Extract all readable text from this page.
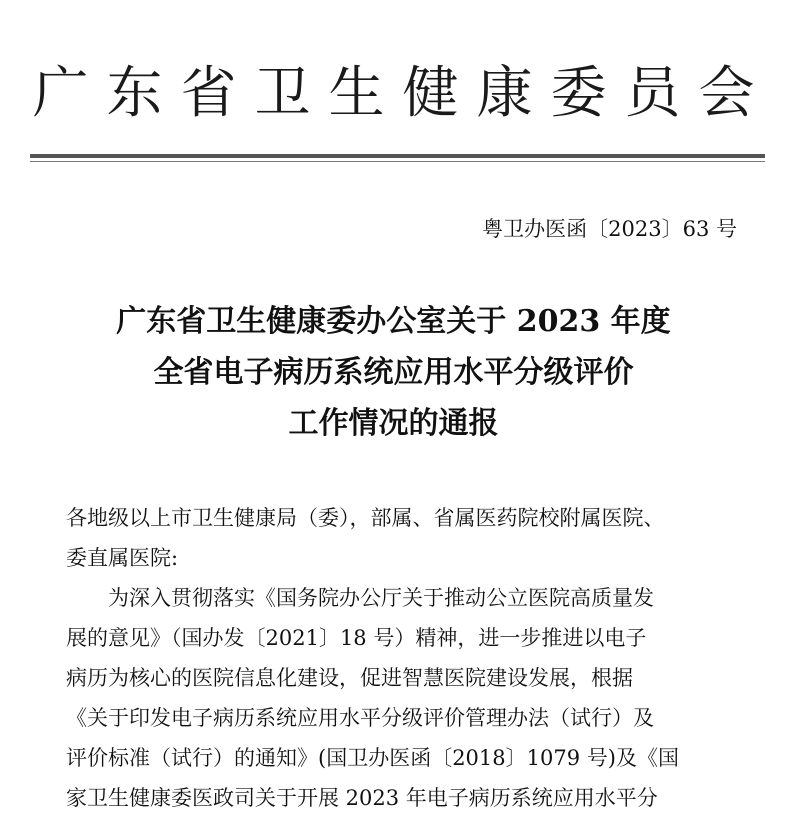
广东省卫生健康委员会
粤卫办医函〔2023〕63 号
广东省卫生健康委办公室关于 2023 年度
全省电子病历系统应用水平分级评价
工作情况的通报
各地级以上市卫生健康局（委），部属、省属医药院校附属医院、
委直属医院:
为深入贯彻落实《国务院办公厅关于推动公立医院高质量发
展的意见》（国办发〔2021〕18 号）精神，进一步推进以电子
病历为核心的医院信息化建设，促进智慧医院建设发展，根据
《关于印发电子病历系统应用水平分级评价管理办法（试行）及
评价标准（试行）的通知》(国卫办医函〔2018〕1079 号)及《国
家卫生健康委医政司关于开展 2023 年电子病历系统应用水平分
